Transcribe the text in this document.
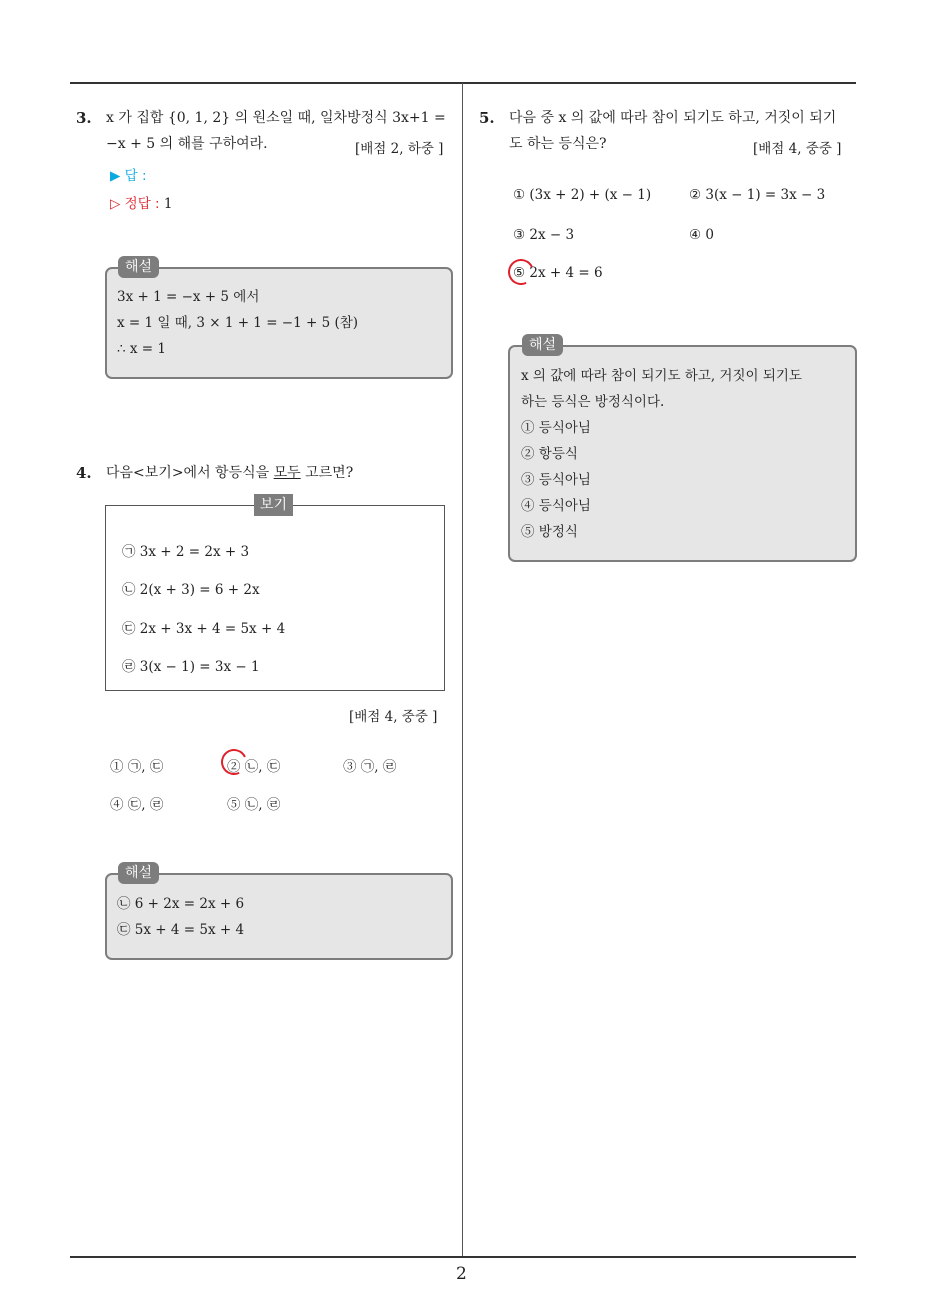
2
3. x 가 집합 {0, 1, 2} 의 원소일 때, 일차방정식 3x+1 =
−x + 5 의 해를 구하여라.	[배점 2, 하중 ]
▶ 답 :
▷ 정답 : 1
해설
3x + 1 = −x + 5 에서
x = 1 일 때, 3 × 1 + 1 = −1 + 5 (참)
∴ x = 1
4. 다음<보기>에서 항등식을 모두 고르면?
보기
㉠ 3x + 2 = 2x + 3
㉡ 2(x + 3) = 6 + 2x
㉢ 2x + 3x + 4 = 5x + 4
㉣ 3(x − 1) = 3x − 1
[배점 4, 중중 ]
① ㉠, ㉢	② ㉡, ㉢	③ ㉠, ㉣
④ ㉢, ㉣	⑤ ㉡, ㉣
해설
㉡ 6 + 2x = 2x + 6
㉢ 5x + 4 = 5x + 4
5. 다음 중 x 의 값에 따라 참이 되기도 하고, 거짓이 되기
도 하는 등식은?	[배점 4, 중중 ]
① (3x + 2) + (x − 1)	② 3(x − 1) = 3x − 3
③ 2x − 3	④ 0
⑤ 2x + 4 = 6
해설
x 의 값에 따라 참이 되기도 하고, 거짓이 되기도
하는 등식은 방정식이다.
① 등식아님
② 항등식
③ 등식아님
④ 등식아님
⑤ 방정식
